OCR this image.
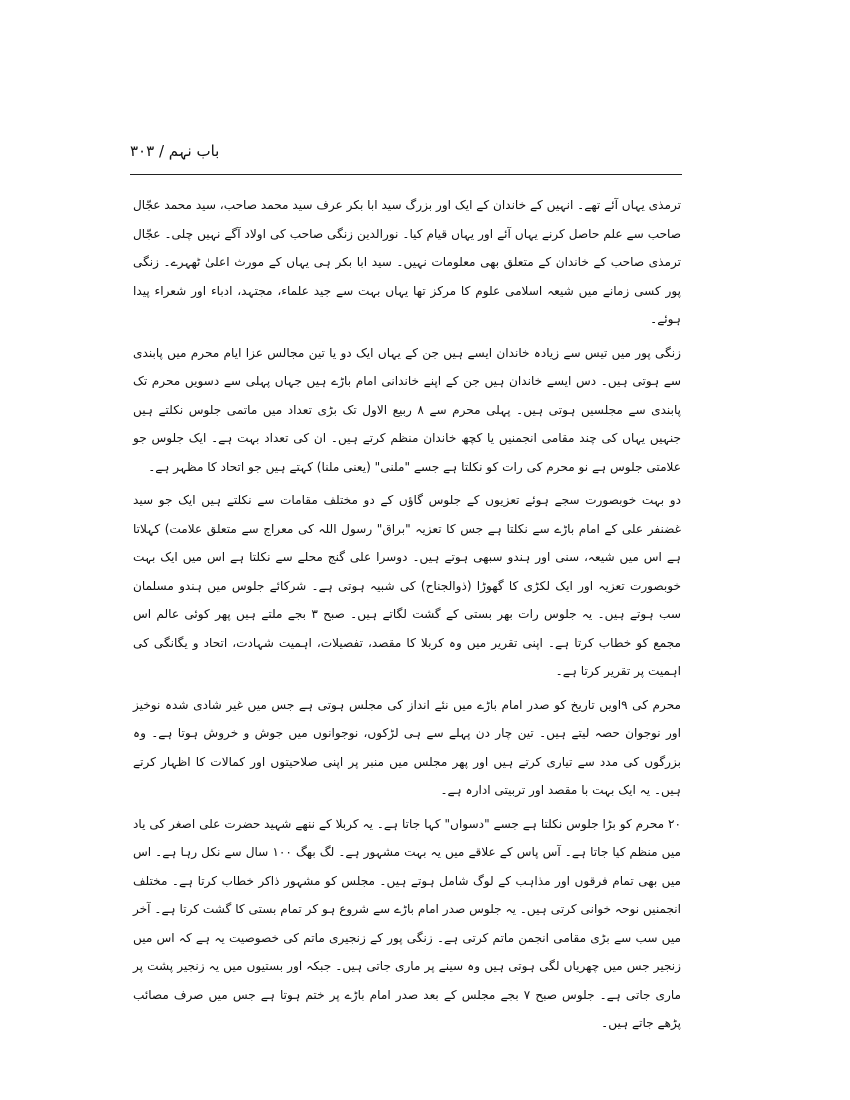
باب نہم / ۳۰۳

ترمذی یہاں آئے تھے۔ انہیں کے خاندان کے ایک اور بزرگ سید ابا بکر عرف سید محمد صاحب، سید محمد عجّال صاحب سے علم حاصل کرنے یہاں آئے اور یہاں قیام کیا۔ نورالدین زنگی صاحب کی اولاد آگے نہیں چلی۔ عجّال ترمذی صاحب کے خاندان کے متعلق بھی معلومات نہیں۔ سید ابا بکر ہی یہاں کے مورث اعلیٰ ٹھہرے۔ زنگی پور کسی زمانے میں شیعہ اسلامی علوم کا مرکز تھا یہاں بہت سے جید علماء، مجتہد، ادباء اور شعراء پیدا ہوئے۔

زنگی پور میں تیس سے زیادہ خاندان ایسے ہیں جن کے یہاں ایک دو یا تین مجالس عزا ایام محرم میں پابندی سے ہوتی ہیں۔ دس ایسے خاندان ہیں جن کے اپنے خاندانی امام باڑے ہیں جہاں پہلی سے دسویں محرم تک پابندی سے مجلسیں ہوتی ہیں۔ پہلی محرم سے ۸ ربیع الاول تک بڑی تعداد میں ماتمی جلوس نکلتے ہیں جنہیں یہاں کی چند مقامی انجمنیں یا کچھ خاندان منظم کرتے ہیں۔ ان کی تعداد بہت ہے۔ ایک جلوس جو علامتی جلوس ہے نو محرم کی رات کو نکلتا ہے جسے "ملنی" (یعنی ملنا) کہتے ہیں جو اتحاد کا مظہر ہے۔

دو بہت خوبصورت سجے ہوئے تعزیوں کے جلوس گاؤں کے دو مختلف مقامات سے نکلتے ہیں ایک جو سید غضنفر علی کے امام باڑے سے نکلتا ہے جس کا تعزیہ "براق" رسول اللہ کی معراج سے متعلق علامت) کہلاتا ہے اس میں شیعہ، سنی اور ہندو سبھی ہوتے ہیں۔ دوسرا علی گنج محلے سے نکلتا ہے اس میں ایک بہت خوبصورت تعزیہ اور ایک لکڑی کا گھوڑا (ذوالجناح) کی شبیہ ہوتی ہے۔ شرکائے جلوس میں ہندو مسلمان سب ہوتے ہیں۔ یہ جلوس رات بھر بستی کے گشت لگاتے ہیں۔ صبح ۳ بجے ملتے ہیں پھر کوئی عالم اس مجمع کو خطاب کرتا ہے۔ اپنی تقریر میں وہ کربلا کا مقصد، تفصیلات، اہمیت شہادت، اتحاد و یگانگی کی اہمیت پر تقریر کرتا ہے۔

محرم کی ۹اویں تاریخ کو صدر امام باڑے میں نئے انداز کی مجلس ہوتی ہے جس میں غیر شادی شدہ نوخیز اور نوجوان حصہ لیتے ہیں۔ تین چار دن پہلے سے ہی لڑکوں، نوجوانوں میں جوش و خروش ہوتا ہے۔ وہ بزرگوں کی مدد سے تیاری کرتے ہیں اور پھر مجلس میں منبر پر اپنی صلاحیتوں اور کمالات کا اظہار کرتے ہیں۔ یہ ایک بہت با مقصد اور تربیتی ادارہ ہے۔

۲۰ محرم کو بڑا جلوس نکلتا ہے جسے "دسواں" کہا جاتا ہے۔ یہ کربلا کے ننھے شہید حضرت علی اصغر کی یاد میں منظم کیا جاتا ہے۔ آس پاس کے علاقے میں یہ بہت مشہور ہے۔ لگ بھگ ۱۰۰ سال سے نکل رہا ہے۔ اس میں بھی تمام فرقوں اور مذاہب کے لوگ شامل ہوتے ہیں۔ مجلس کو مشہور ذاکر خطاب کرتا ہے۔ مختلف انجمنیں نوحہ خوانی کرتی ہیں۔ یہ جلوس صدر امام باڑے سے شروع ہو کر تمام بستی کا گشت کرتا ہے۔ آخر میں سب سے بڑی مقامی انجمن ماتم کرتی ہے۔ زنگی پور کے زنجیری ماتم کی خصوصیت یہ ہے کہ اس میں زنجیر جس میں چھریاں لگی ہوتی ہیں وہ سینے پر ماری جاتی ہیں۔ جبکہ اور بستیوں میں یہ زنجیر پشت پر ماری جاتی ہے۔ جلوس صبح ۷ بجے مجلس کے بعد صدر امام باڑے پر ختم ہوتا ہے جس میں صرف مصائب پڑھے جاتے ہیں۔
